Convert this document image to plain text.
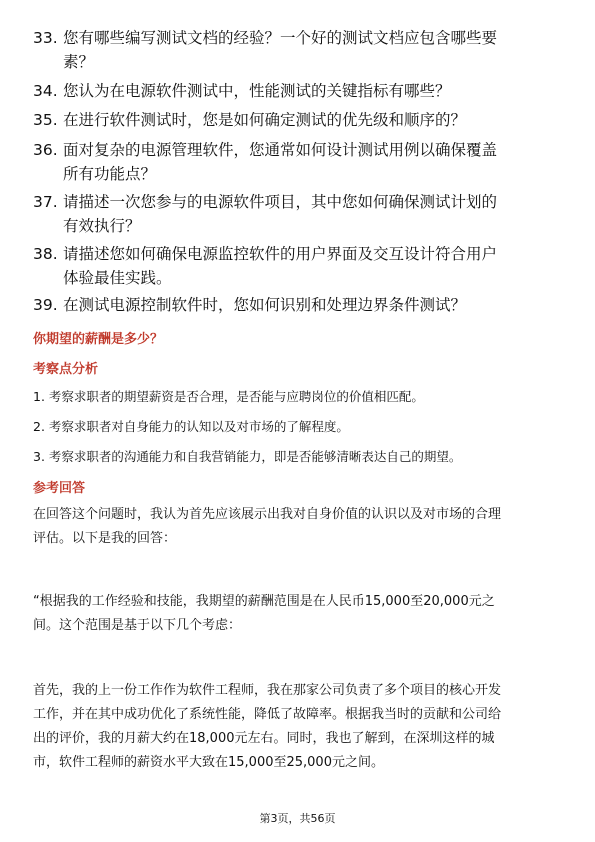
33. 您有哪些编写测试文档的经验？一个好的测试文档应包含哪些要
素？
34. 您认为在电源软件测试中，性能测试的关键指标有哪些？
35. 在进行软件测试时，您是如何确定测试的优先级和顺序的？
36. 面对复杂的电源管理软件，您通常如何设计测试用例以确保覆盖
所有功能点？
37. 请描述一次您参与的电源软件项目，其中您如何确保测试计划的
有效执行？
38. 请描述您如何确保电源监控软件的用户界面及交互设计符合用户
体验最佳实践。
39. 在测试电源控制软件时，您如何识别和处理边界条件测试？
你期望的薪酬是多少？
考察点分析
1. 考察求职者的期望薪资是否合理，是否能与应聘岗位的价值相匹配。
2. 考察求职者对自身能力的认知以及对市场的了解程度。
3. 考察求职者的沟通能力和自我营销能力，即是否能够清晰表达自己的期望。
参考回答
在回答这个问题时，我认为首先应该展示出我对自身价值的认识以及对市场的合理
评估。以下是我的回答：
“根据我的工作经验和技能，我期望的薪酬范围是在人民币15,000至20,000元之
间。这个范围是基于以下几个考虑：
首先，我的上一份工作作为软件工程师，我在那家公司负责了多个项目的核心开发
工作，并在其中成功优化了系统性能，降低了故障率。根据我当时的贡献和公司给
出的评价，我的月薪大约在18,000元左右。同时，我也了解到，在深圳这样的城
市，软件工程师的薪资水平大致在15,000至25,000元之间。
第3页，共56页
